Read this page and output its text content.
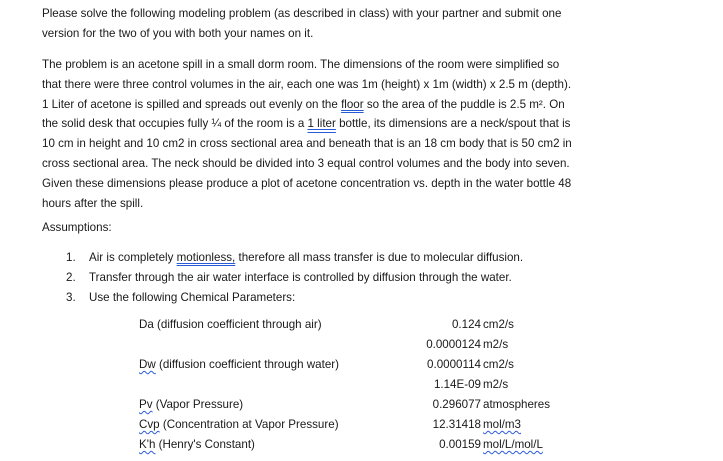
Please solve the following modeling problem (as described in class) with your partner and submit one
version for the two of you with both your names on it.

The problem is an acetone spill in a small dorm room. The dimensions of the room were simplified so
that there were three control volumes in the air, each one was 1m (height) x 1m (width) x 2.5 m (depth).
1 Liter of acetone is spilled and spreads out evenly on the floor so the area of the puddle is 2.5 m². On
the solid desk that occupies fully ¼ of the room is a 1 liter bottle, its dimensions are a neck/spout that is
10 cm in height and 10 cm2 in cross sectional area and beneath that is an 18 cm body that is 50 cm2 in
cross sectional area. The neck should be divided into 3 equal control volumes and the body into seven.
Given these dimensions please produce a plot of acetone concentration vs. depth in the water bottle 48
hours after the spill.

Assumptions:

1. Air is completely motionless, therefore all mass transfer is due to molecular diffusion.
2. Transfer through the air water interface is controlled by diffusion through the water.
3. Use the following Chemical Parameters:
Da (diffusion coefficient through air)	0.124 cm2/s
0.0000124 m2/s
Dw (diffusion coefficient through water)	0.0000114 cm2/s
1.14E-09 m2/s
Pv (Vapor Pressure)	0.296077 atmospheres
Cvp (Concentration at Vapor Pressure)	12.31418 mol/m3
K'h (Henry's Constant)	0.00159 mol/L/mol/L
